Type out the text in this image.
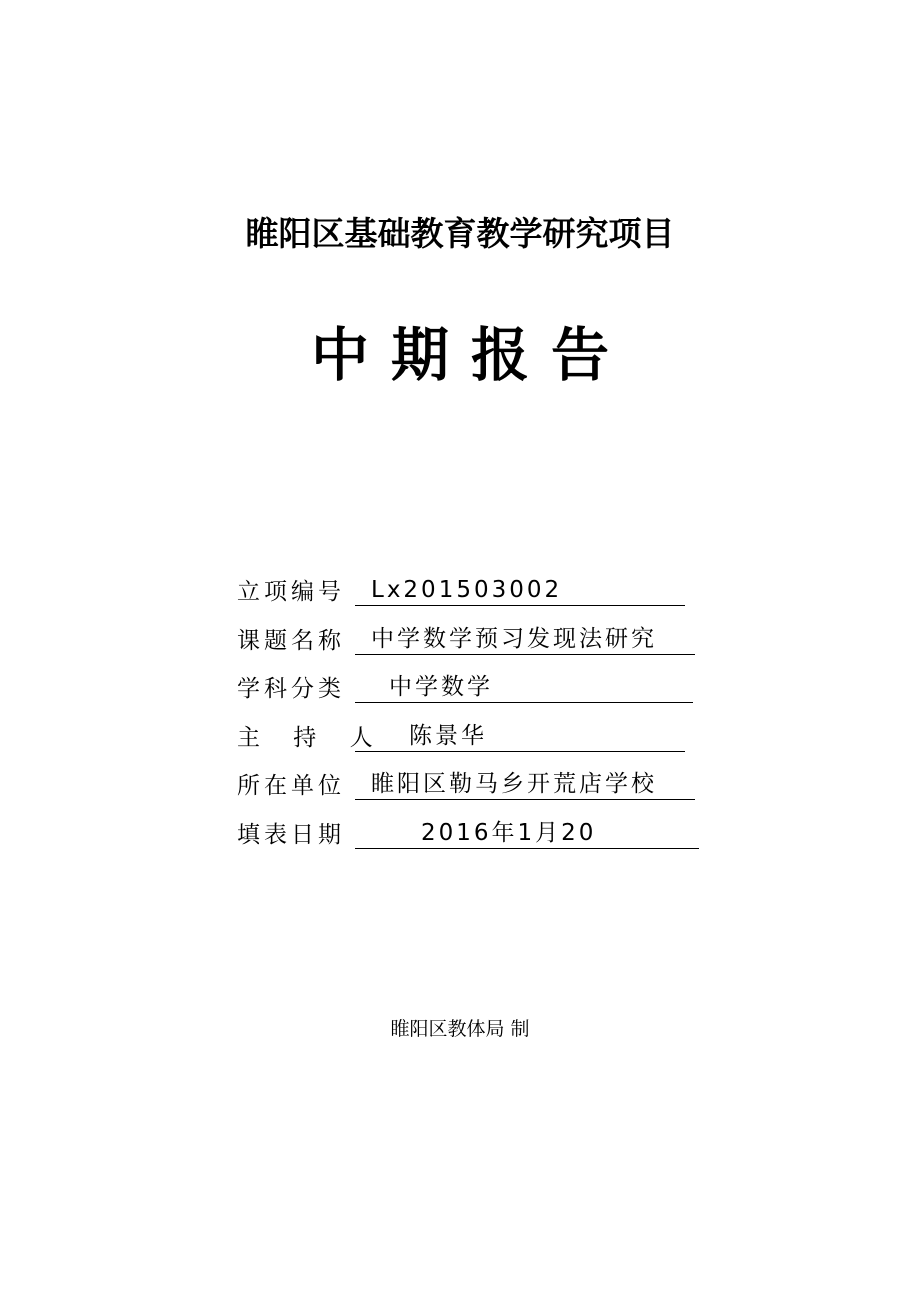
睢阳区基础教育教学研究项目
中期报告
立项编号	Lx201503002
课题名称	中学数学预习发现法研究
学科分类	中学数学
主 持 人	陈景华
所在单位	睢阳区勒马乡开荒店学校
填表日期	2016年1月20
睢阳区教体局 制
